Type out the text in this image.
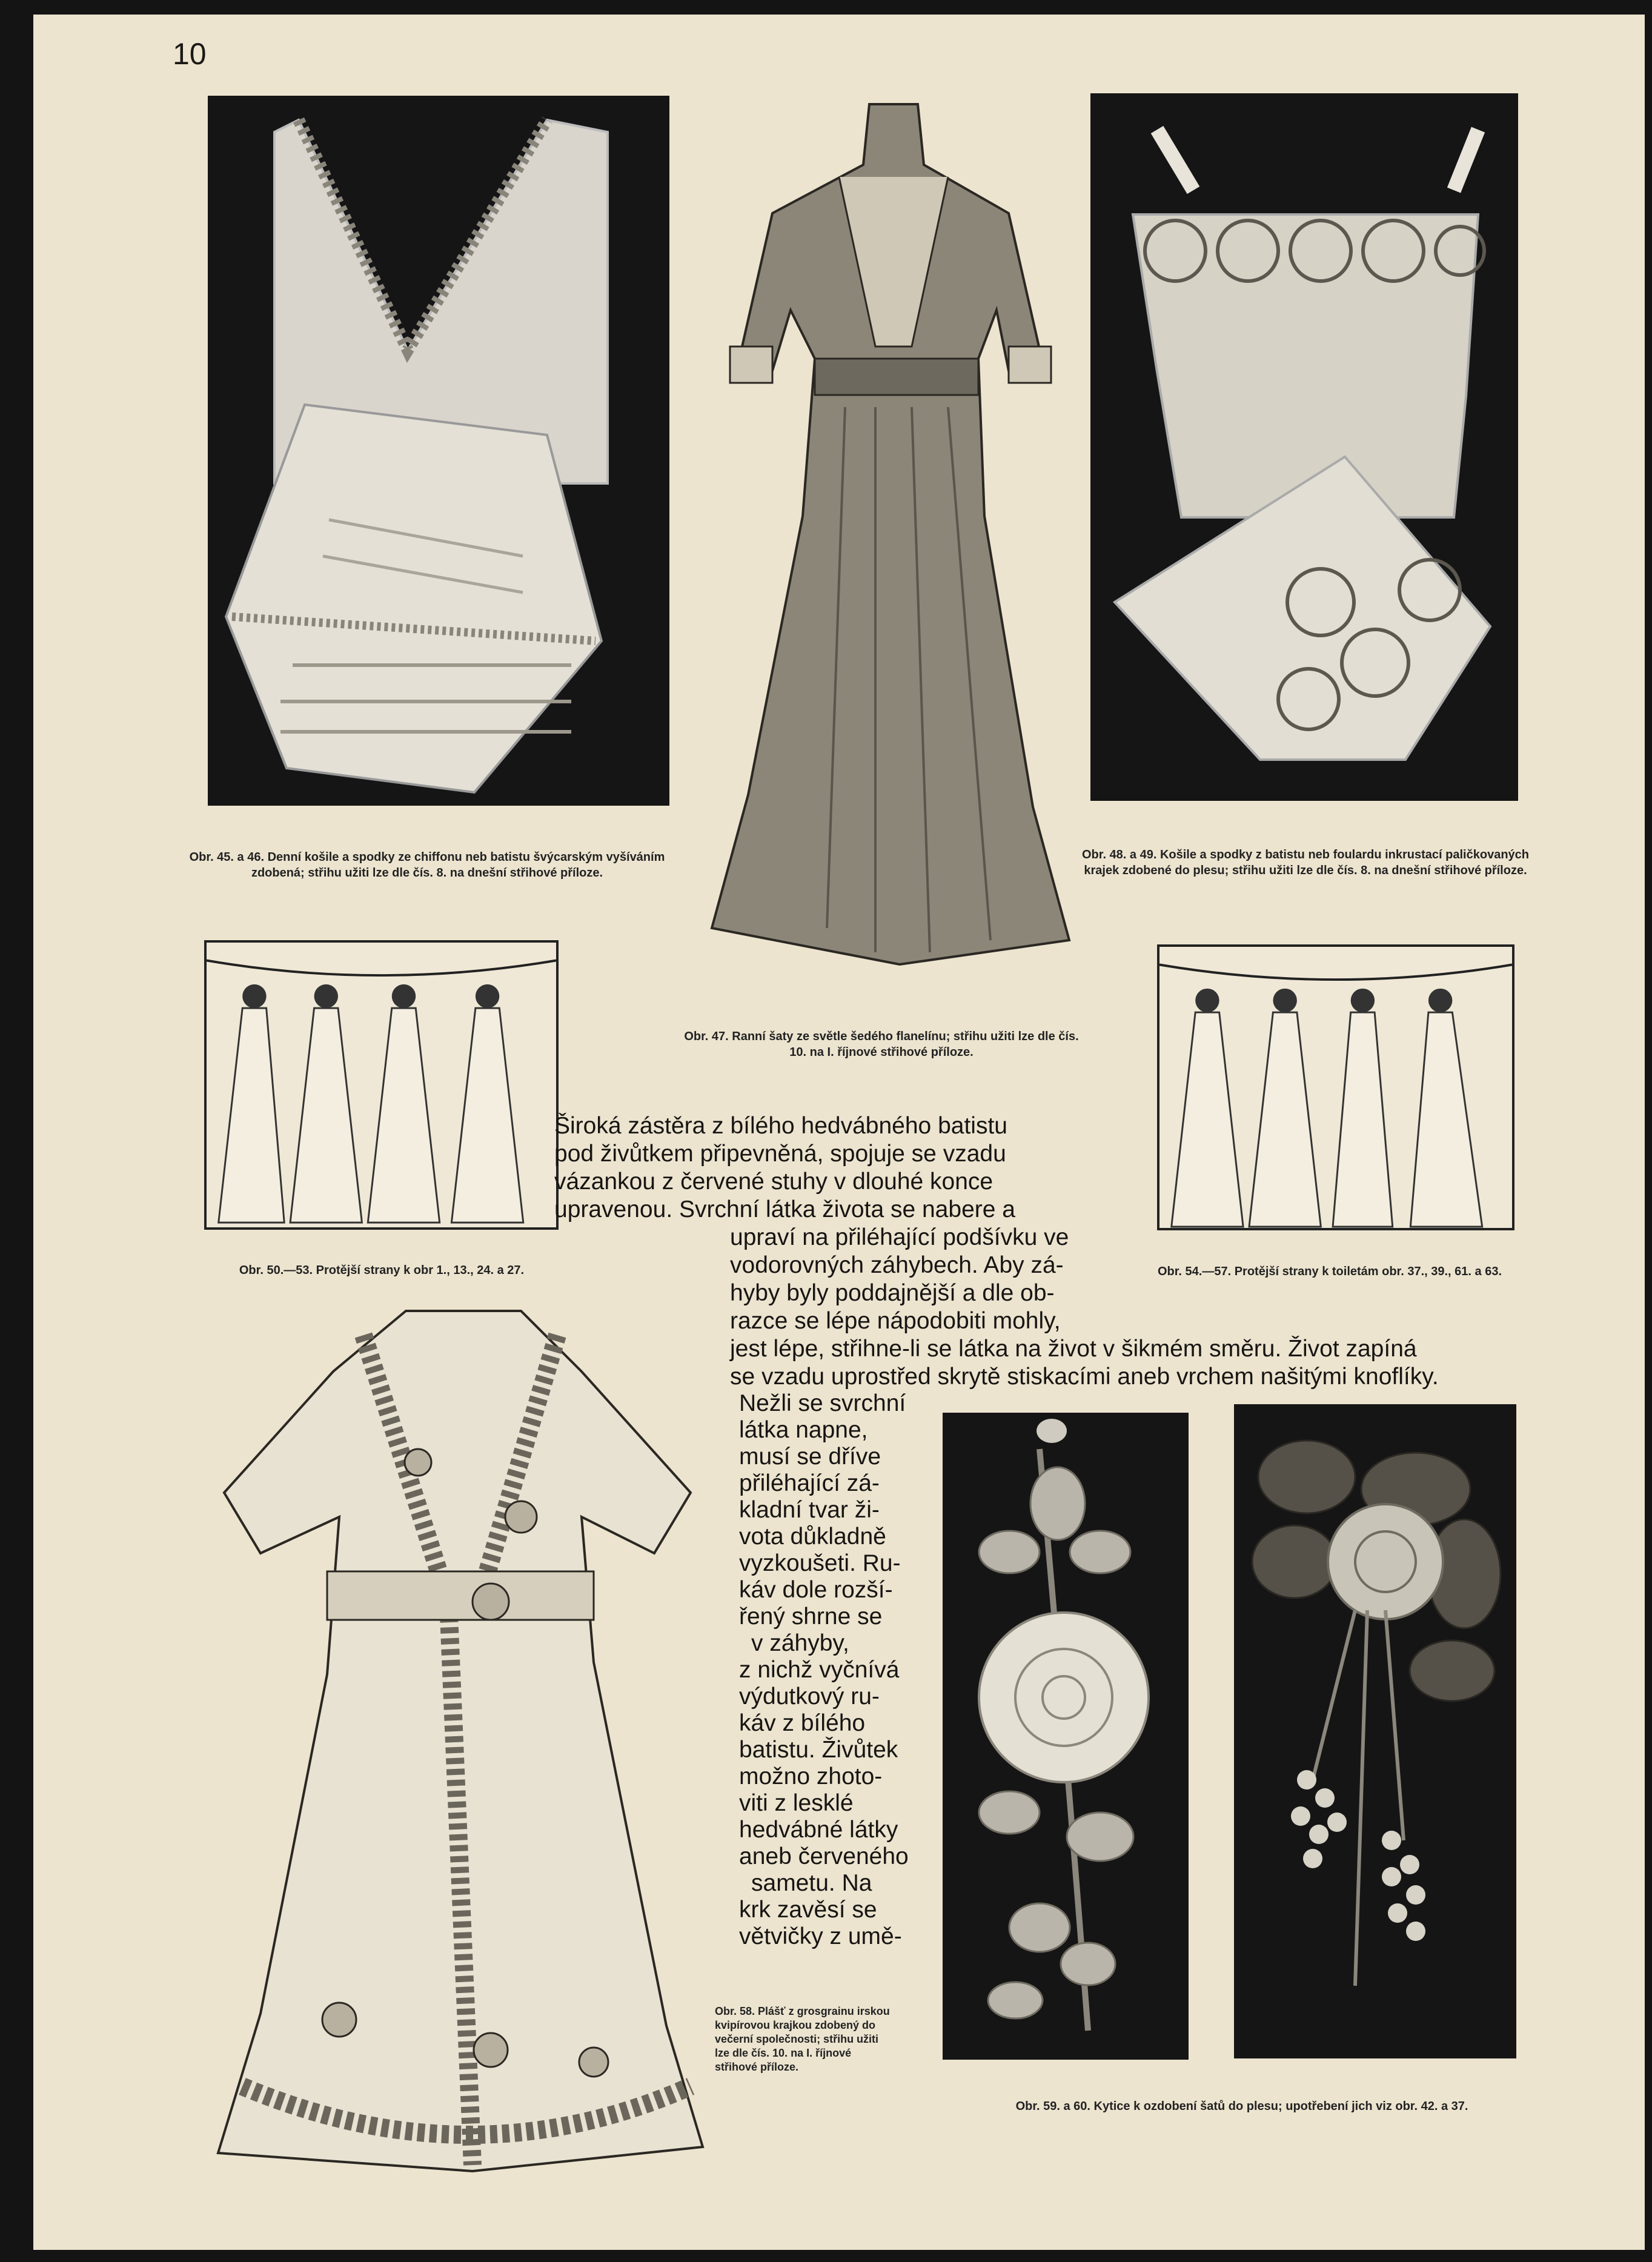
10
Obr. 45. a 46. Denní košile a spodky ze chiffonu neb batistu švýcarským vyšíváním zdobená; střihu užiti lze dle čís. 8. na dnešní střihové příloze.
Obr. 47. Ranní šaty ze světle šedého flanelínu; střihu užiti lze dle čís. 10. na I. říjnové střihové příloze.
Obr. 48. a 49. Košile a spodky z batistu neb foulardu inkrustací paličkovaných krajek zdobené do plesu; střihu užiti lze dle čís. 8. na dnešní střihové příloze.
Obr. 50.—53. Protější strany k obr 1., 13., 24. a 27.	Obr. 54.—57. Protější strany k toiletám obr. 37., 39., 61. a 63.
Široká zástěra z bílého hedvábného batistu
pod živůtkem připevněná, spojuje se vzadu
vázankou z červené stuhy v dlouhé konce
upravenou. Svrchní látka života se nabere a
upraví na přiléhající podšívku ve
vodorovných záhybech. Aby zá-
hyby byly poddajnější a dle ob-
razce se lépe nápodobiti mohly,
jest lépe, střihne-li se látka na život v šikmém směru. Život zapíná
se vzadu uprostřed skrytě stiskacími aneb vrchem našitými knoflíky.
Nežli se svrchní
látka napne,
musí se dříve
přiléhající zá-
kladní tvar ži-
vota důkladně
vyzkoušeti. Ru-
káv dole rozší-
řený shrne se
v záhyby,
z nichž vyčnívá
výdutkový ru-
káv z bílého
batistu. Živůtek
možno zhoto-
viti z lesklé
hedvábné látky
aneb červeného
sametu. Na
krk zavěsí se
větvičky z umě-
Obr. 58. Plášť z grosgrainu irskou kvipírovou krajkou zdobený do večerní společnosti; střihu užiti lze dle čís. 10. na I. říjnové střihové příloze.
Obr. 59. a 60. Kytice k ozdobení šatů do plesu; upotřebení jich viz obr. 42. a 37.
